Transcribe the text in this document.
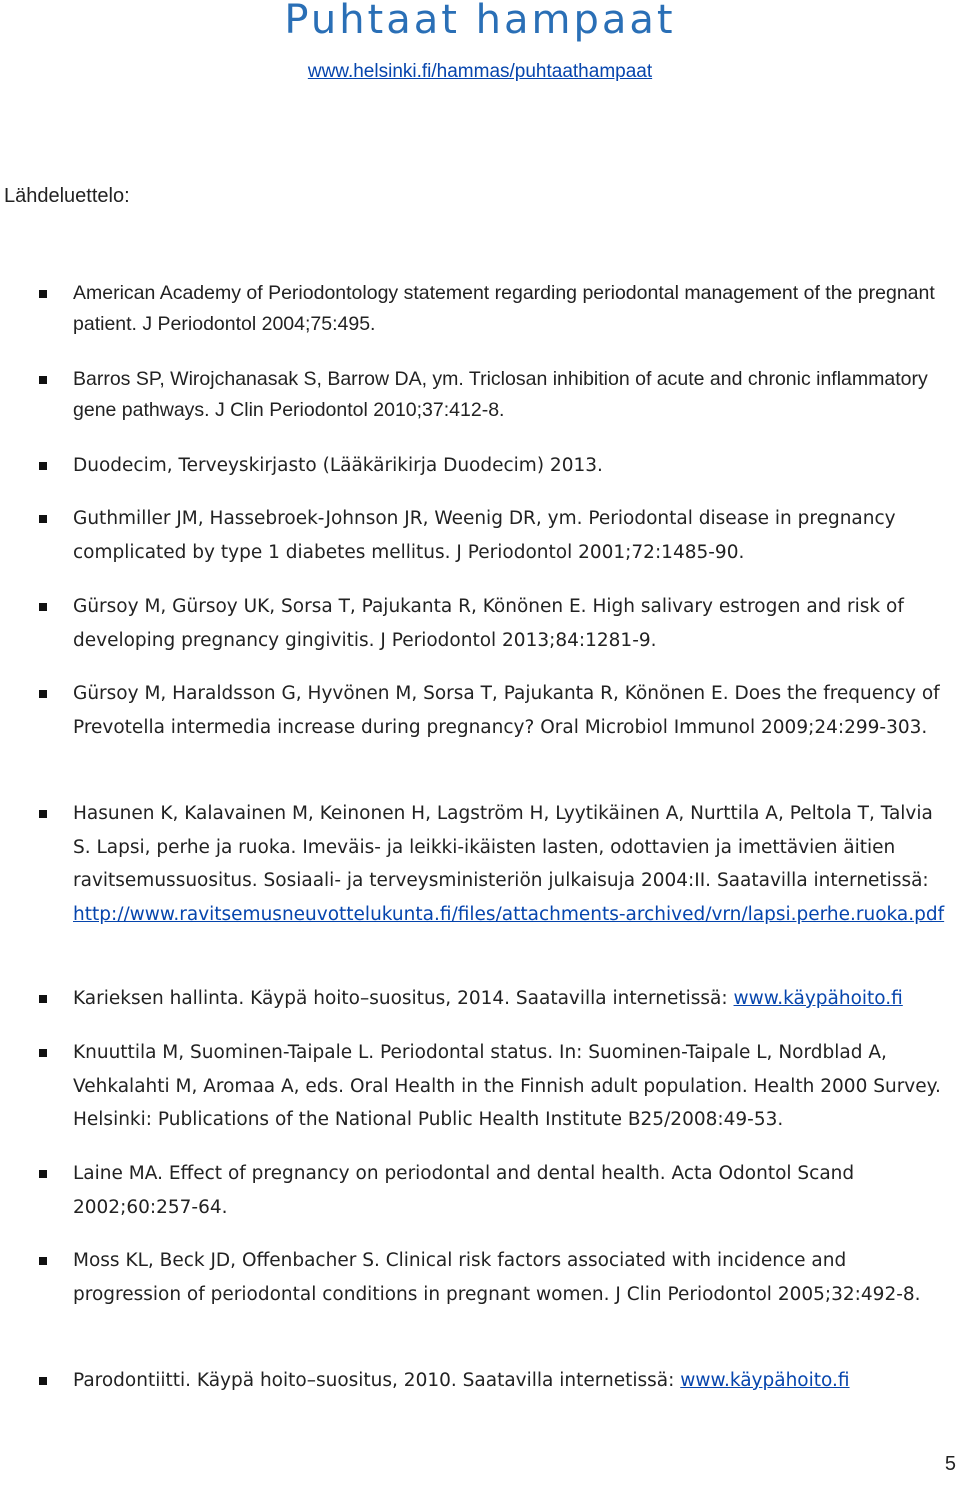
Puhtaat hampaat
www.helsinki.fi/hammas/puhtaathampaat
Lähdeluettelo:
American Academy of Periodontology statement regarding periodontal management of the pregnant patient. J Periodontol 2004;75:495.
Barros SP, Wirojchanasak S, Barrow DA, ym. Triclosan inhibition of acute and chronic inflammatory gene pathways. J Clin Periodontol 2010;37:412-8.
Duodecim, Terveyskirjasto (Lääkärikirja Duodecim) 2013.
Guthmiller JM, Hassebroek-Johnson JR, Weenig DR, ym. Periodontal disease in pregnancy complicated by type 1 diabetes mellitus. J Periodontol 2001;72:1485-90.
Gürsoy M, Gürsoy UK, Sorsa T, Pajukanta R, Könönen E. High salivary estrogen and risk of developing pregnancy gingivitis. J Periodontol 2013;84:1281-9.
Gürsoy M, Haraldsson G, Hyvönen M, Sorsa T, Pajukanta R, Könönen E. Does the frequency of Prevotella intermedia increase during pregnancy? Oral Microbiol Immunol 2009;24:299-303.
Hasunen K, Kalavainen M, Keinonen H, Lagström H, Lyytikäinen A, Nurttila A, Peltola T, Talvia S. Lapsi, perhe ja ruoka. Imeväis- ja leikki-ikäisten lasten, odottavien ja imettävien äitien ravitsemussuositus. Sosiaali- ja terveysministeriön julkaisuja 2004:II. Saatavilla internetissä: http://www.ravitsemusneuvottelukunta.fi/files/attachments-archived/vrn/lapsi.perhe.ruoka.pdf
Karieksen hallinta. Käypä hoito–suositus, 2014. Saatavilla internetissä: www.käypähoito.fi
Knuuttila M, Suominen-Taipale L. Periodontal status. In: Suominen-Taipale L, Nordblad A, Vehkalahti M, Aromaa A, eds. Oral Health in the Finnish adult population. Health 2000 Survey. Helsinki: Publications of the National Public Health Institute B25/2008:49-53.
Laine MA. Effect of pregnancy on periodontal and dental health. Acta Odontol Scand 2002;60:257-64.
Moss KL, Beck JD, Offenbacher S. Clinical risk factors associated with incidence and progression of periodontal conditions in pregnant women. J Clin Periodontol 2005;32:492-8.
Parodontiitti. Käypä hoito–suositus, 2010. Saatavilla internetissä: www.käypähoito.fi
5
